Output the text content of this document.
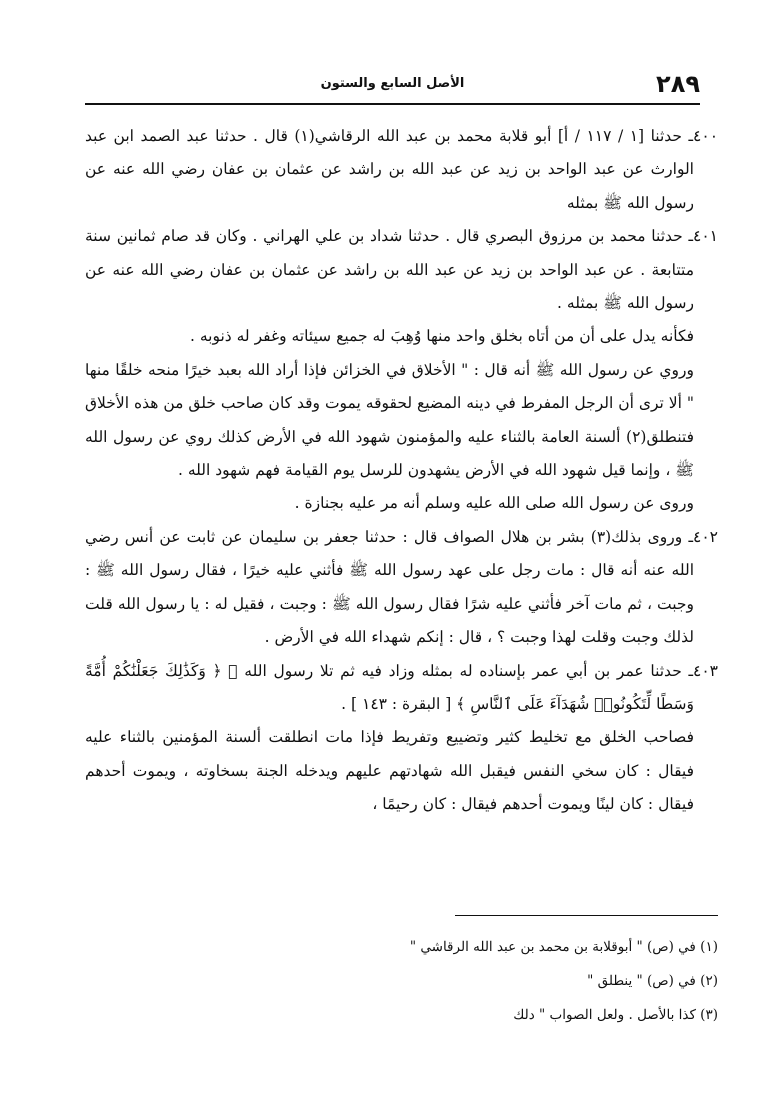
٢٨٩
الأصل السابع والستون

٤٠٠ـ حدثنا [١ / ١١٧ / أ] أبو قلابة محمد بن عبد الله الرقاشي(١) قال . حدثنا عبد الصمد ابن عبد الوارث عن عبد الواحد بن زيد عن عبد الله بن راشد عن عثمان بن عفان رضي الله عنه عن رسول الله ﷺ بمثله

٤٠١ـ حدثنا محمد بن مرزوق البصري قال . حدثنا شداد بن علي الهراني . وكان قد صام ثمانين سنة متتابعة . عن عبد الواحد بن زيد عن عبد الله بن راشد عن عثمان بن عفان رضي الله عنه عن رسول الله ﷺ بمثله .

فكأنه يدل على أن من أتاه بخلق واحد منها وُهِبَ له جميع سيئاته وغفر له ذنوبه .

وروي عن رسول الله ﷺ أنه قال : " الأخلاق في الخزائن فإذا أراد الله بعبد خيرًا منحه خلقًا منها " ألا ترى أن الرجل المفرط في دينه المضيع لحقوقه يموت وقد كان صاحب خلق من هذه الأخلاق فتنطلق(٢) ألسنة العامة بالثناء عليه والمؤمنون شهود الله في الأرض كذلك روي عن رسول الله ﷺ ، وإنما قيل شهود الله في الأرض يشهدون للرسل يوم القيامة فهم شهود الله .

وروى عن رسول الله صلى الله عليه وسلم أنه مر عليه بجنازة .

٤٠٢ـ وروى بذلك(٣) بشر بن هلال الصواف قال : حدثنا جعفر بن سليمان عن ثابت عن أنس رضي الله عنه أنه قال : مات رجل على عهد رسول الله ﷺ فأثني عليه خيرًا ، فقال رسول الله ﷺ : وجبت ، ثم مات آخر فأثني عليه شرًا فقال رسول الله ﷺ : وجبت ، فقيل له : يا رسول الله قلت لذلك وجبت وقلت لهذا وجبت ؟ ، قال : إنكم شهداء الله في الأرض .

٤٠٣ـ حدثنا عمر بن أبي عمر بإسناده له بمثله وزاد فيه ثم تلا رسول الله ﷺ ﴿ وَكَذَٰلِكَ جَعَلْنَٰكُمْ أُمَّةً وَسَطًا لِّتَكُونُوا۟ شُهَدَآءَ عَلَى ٱلنَّاسِ ﴾ [ البقرة : ١٤٣ ] .

فصاحب الخلق مع تخليط كثير وتضييع وتفريط فإذا مات انطلقت ألسنة المؤمنين بالثناء عليه فيقال : كان سخي النفس فيقبل الله شهادتهم عليهم ويدخله الجنة بسخاوته ، ويموت أحدهم فيقال : كان لينًا ويموت أحدهم فيقال : كان رحيمًا ،

(١) في (ص) " أبوقلابة بن محمد بن عبد الله الرقاشي "

(٢) في (ص) " ينطلق "

(٣) كذا بالأصل . ولعل الصواب " دلك
